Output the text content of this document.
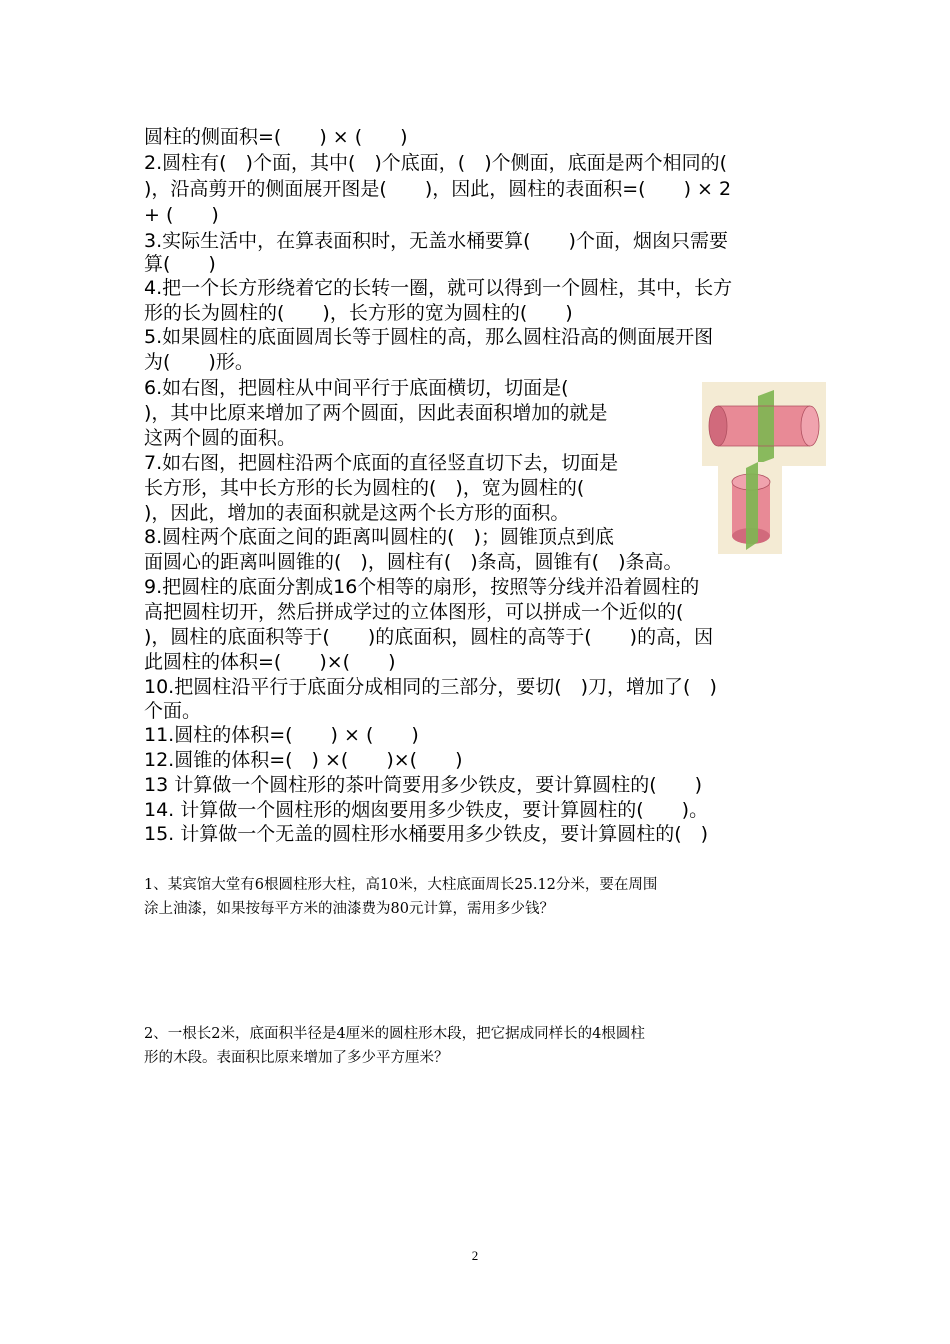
圆柱的侧面积=(　　) × (　　)
2.圆柱有(　)个面，其中(　)个底面，(　)个侧面，底面是两个相同的(
)，沿高剪开的侧面展开图是(　　)，因此，圆柱的表面积=(　　) × 2
+ (　　)
3.实际生活中，在算表面积时，无盖水桶要算(　　)个面，烟囱只需要
算(　　)
4.把一个长方形绕着它的长转一圈，就可以得到一个圆柱，其中，长方
形的长为圆柱的(　　)，长方形的宽为圆柱的(　　)
5.如果圆柱的底面圆周长等于圆柱的高，那么圆柱沿高的侧面展开图
为(　　)形。
6.如右图，把圆柱从中间平行于底面横切，切面是(
)，其中比原来增加了两个圆面，因此表面积增加的就是
这两个圆的面积。
7.如右图，把圆柱沿两个底面的直径竖直切下去，切面是
长方形，其中长方形的长为圆柱的(　)，宽为圆柱的(
)，因此，增加的表面积就是这两个长方形的面积。
8.圆柱两个底面之间的距离叫圆柱的(　)；圆锥顶点到底
面圆心的距离叫圆锥的(　)，圆柱有(　)条高，圆锥有(　)条高。
9.把圆柱的底面分割成16个相等的扇形，按照等分线并沿着圆柱的
高把圆柱切开，然后拼成学过的立体图形，可以拼成一个近似的(
)，圆柱的底面积等于(　　)的底面积，圆柱的高等于(　　)的高，因
此圆柱的体积=(　　)×(　　)
10.把圆柱沿平行于底面分成相同的三部分，要切(　)刀，增加了(　)
个面。
11.圆柱的体积=(　　) × (　　)
12.圆锥的体积=(　) ×(　　)×(　　)
13 计算做一个圆柱形的茶叶筒要用多少铁皮，要计算圆柱的(　　)
14. 计算做一个圆柱形的烟囱要用多少铁皮，要计算圆柱的(　　)。
15. 计算做一个无盖的圆柱形水桶要用多少铁皮，要计算圆柱的(　)

1、某宾馆大堂有6根圆柱形大柱，高10米，大柱底面周长25.12分米，要在周围

涂上油漆，如果按每平方米的油漆费为80元计算，需用多少钱？

2、一根长2米，底面积半径是4厘米的圆柱形木段，把它据成同样长的4根圆柱

形的木段。表面积比原来增加了多少平方厘米？

2
